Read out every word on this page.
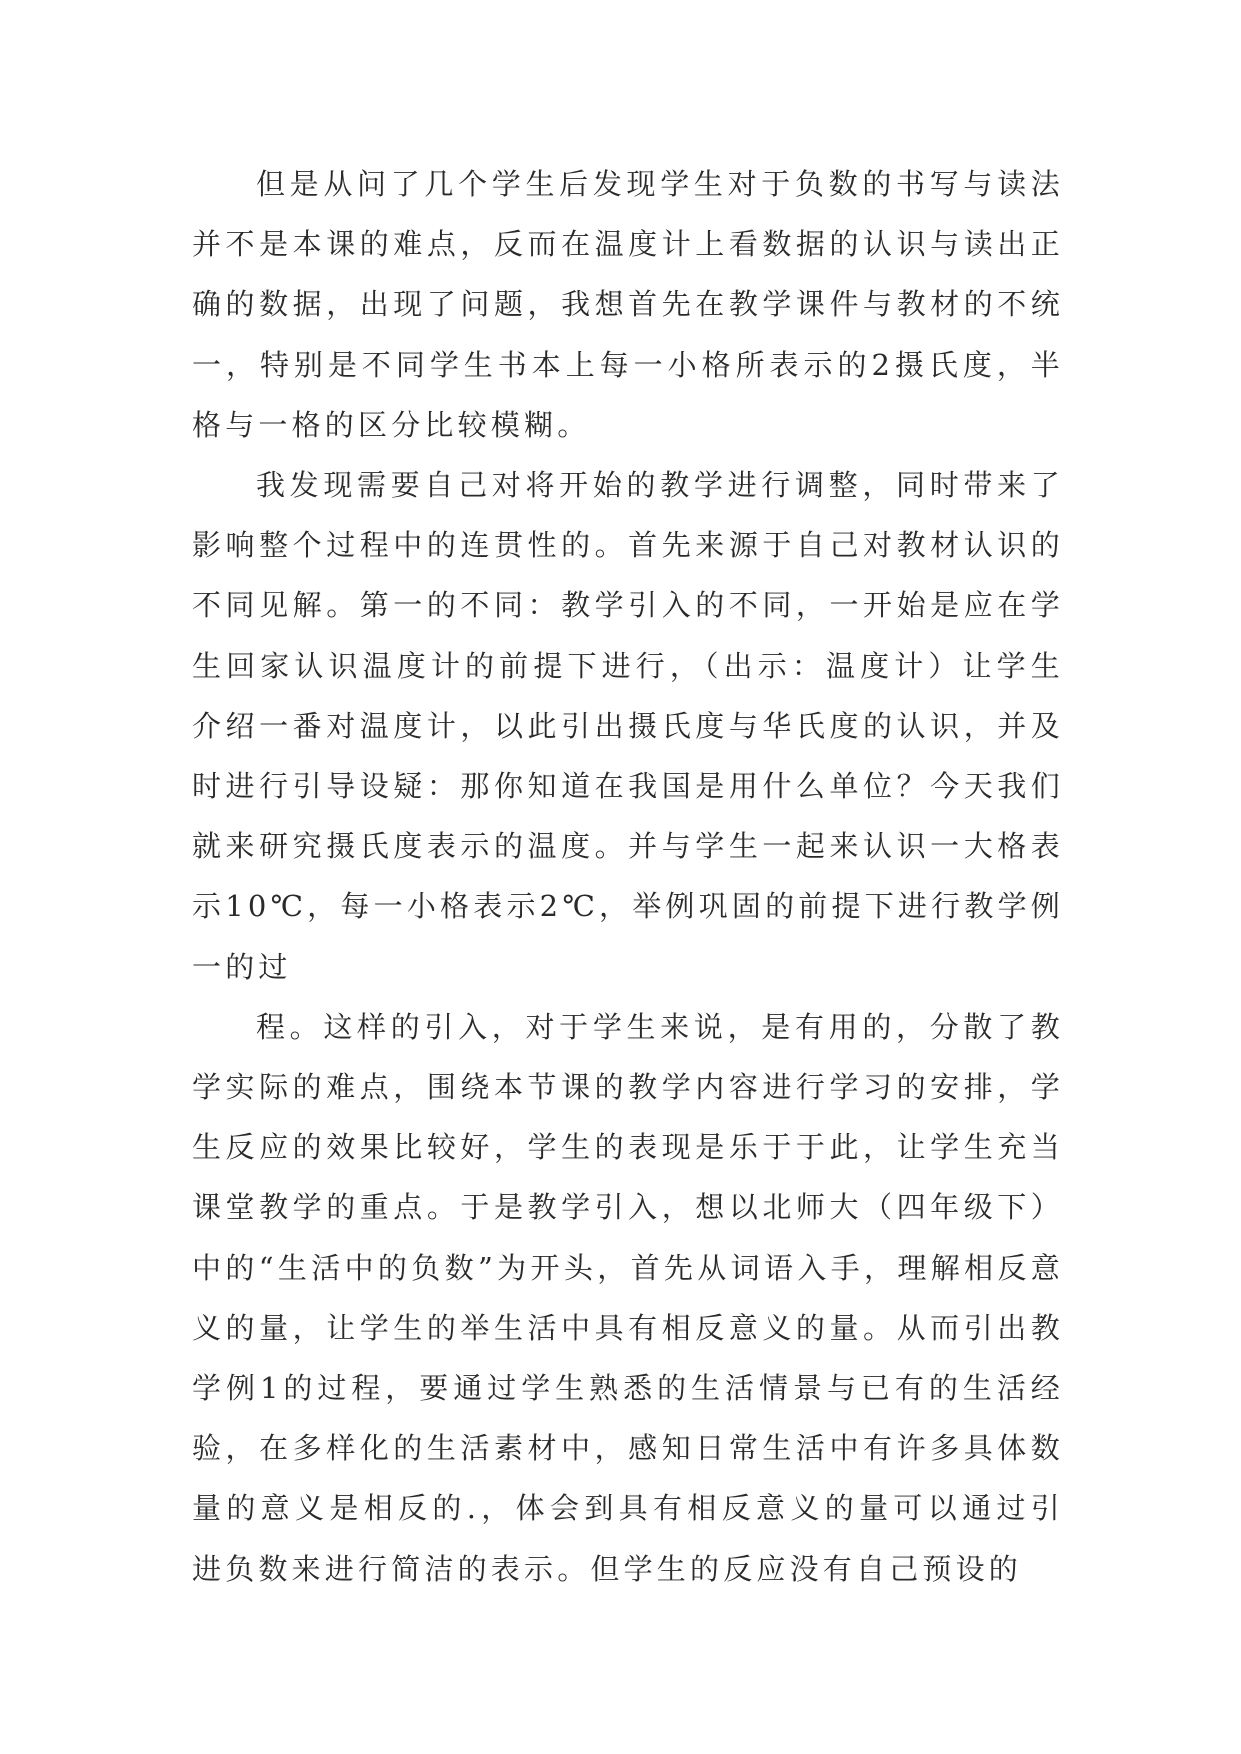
但是从问了几个学生后发现学生对于负数的书写与读法并不是本课的难点，反而在温度计上看数据的认识与读出正确的数据，出现了问题，我想首先在教学课件与教材的不统一，特别是不同学生书本上每一小格所表示的2摄氏度，半格与一格的区分比较模糊。

我发现需要自己对将开始的教学进行调整，同时带来了影响整个过程中的连贯性的。首先来源于自己对教材认识的不同见解。第一的不同：教学引入的不同，一开始是应在学生回家认识温度计的前提下进行，（出示：温度计）让学生介绍一番对温度计，以此引出摄氏度与华氏度的认识，并及时进行引导设疑：那你知道在我国是用什么单位？今天我们就来研究摄氏度表示的温度。并与学生一起来认识一大格表示10℃，每一小格表示2℃，举例巩固的前提下进行教学例一的过

程。这样的引入，对于学生来说，是有用的，分散了教学实际的难点，围绕本节课的教学内容进行学习的安排，学生反应的效果比较好，学生的表现是乐于于此，让学生充当课堂教学的重点。于是教学引入，想以北师大（四年级下）中的“生活中的负数”为开头，首先从词语入手，理解相反意义的量，让学生的举生活中具有相反意义的量。从而引出教学例1的过程，要通过学生熟悉的生活情景与已有的生活经验，在多样化的生活素材中，感知日常生活中有许多具体数量的意义是相反的.，体会到具有相反意义的量可以通过引进负数来进行简洁的表示。但学生的反应没有自己预设的
